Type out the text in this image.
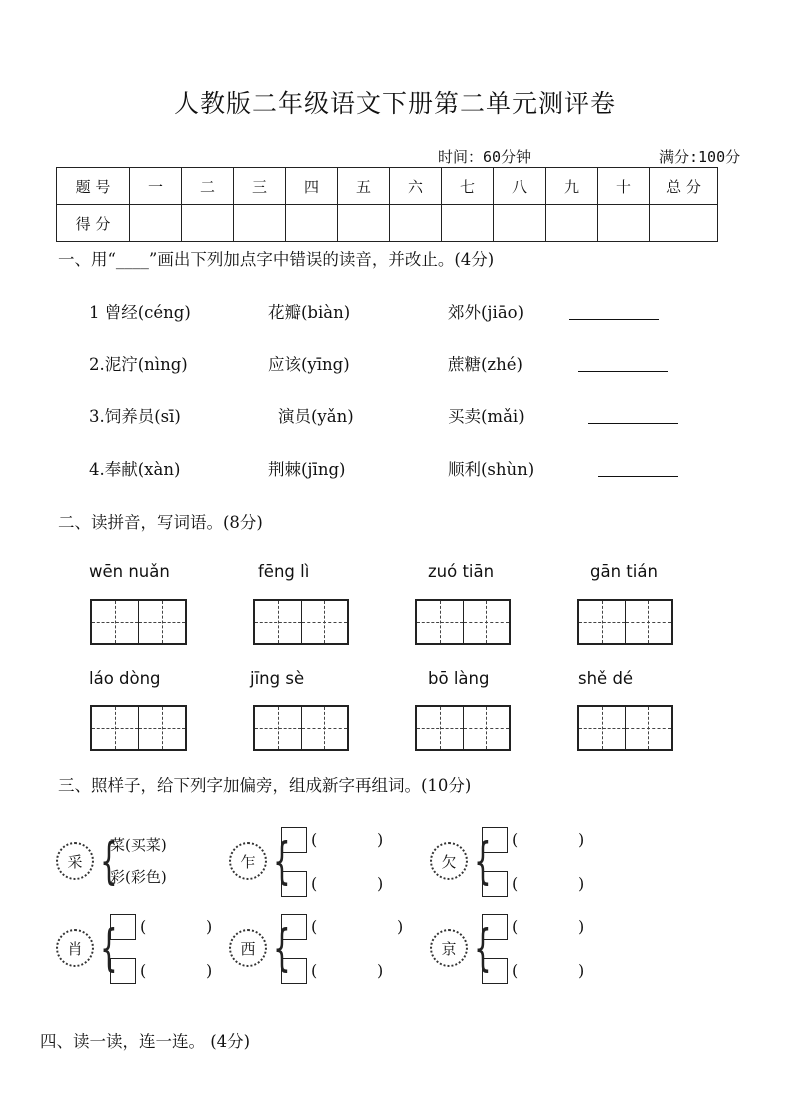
人教版二年级语文下册第二单元测评卷
时间：60分钟	满分:100分
题 号	一	二	三	四	五	六	七	八	九	十	总 分
得 分											
一、用“____”画出下列加点字中错误的读音，并改止。(4分)
1 曾经(céng)	花瓣(biàn)	郊外(jiāo)
2.泥泞(nìng)	应该(yīng)	蔗糖(zhé)
3.饲养员(sī)	演员(yǎn)	买卖(mǎi)
4.奉献(xàn)	荆棘(jīng)	顺利(shùn)
二、读拼音，写词语。(8分)
wēn nuǎn	fēng lì	zuó tiān	gān tián
láo dòng	jīng sè	bō làng	shě dé
三、照样子，给下列字加偏旁，组成新字再组词。(10分)
采 {
菜(买菜)
彩(彩色)
乍 { (	)
(	)
欠 { (	)
(	)
肖 { (	)
(	)
西 { (	)
(	)
京 { (	)
(	)
四、读一读，连一连。 (4分)
